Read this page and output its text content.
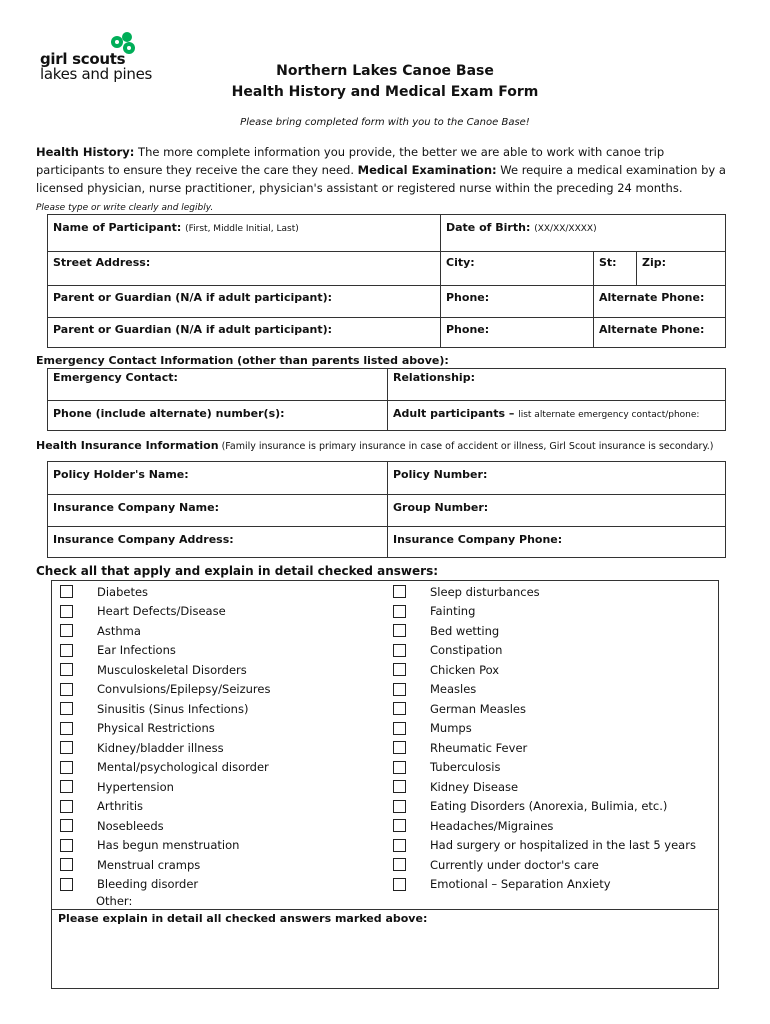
girl scouts
lakes and pines	Northern Lakes Canoe Base
Health History and Medical Exam Form
Please bring completed form with you to the Canoe Base!
Health History: The more complete information you provide, the better we are able to work with canoe trip participants to ensure they receive the care they need. Medical Examination: We require a medical examination by a licensed physician, nurse practitioner, physician's assistant or registered nurse within the preceding 24 months.
Please type or write clearly and legibly.
Name of Participant: (First, Middle Initial, Last)	Date of Birth: (XX/XX/XXXX)
Street Address:	City:	St:	Zip:
Parent or Guardian (N/A if adult participant):	Phone:	Alternate Phone:
Parent or Guardian (N/A if adult participant):	Phone:	Alternate Phone:
Emergency Contact Information (other than parents listed above):
Emergency Contact:	Relationship:
Phone (include alternate) number(s):	Adult participants – list alternate emergency contact/phone:
Health Insurance Information (Family insurance is primary insurance in case of accident or illness, Girl Scout insurance is secondary.)
Policy Holder's Name:	Policy Number:
Insurance Company Name:	Group Number:
Insurance Company Address:	Insurance Company Phone:
Check all that apply and explain in detail checked answers:
Diabetes
Heart Defects/Disease
Asthma
Ear Infections
Musculoskeletal Disorders
Convulsions/Epilepsy/Seizures
Sinusitis (Sinus Infections)
Physical Restrictions
Kidney/bladder illness
Mental/psychological disorder
Hypertension
Arthritis
Nosebleeds
Has begun menstruation
Menstrual cramps
Bleeding disorder
Sleep disturbances
Fainting
Bed wetting
Constipation
Chicken Pox
Measles
German Measles
Mumps
Rheumatic Fever
Tuberculosis
Kidney Disease
Eating Disorders (Anorexia, Bulimia, etc.)
Headaches/Migraines
Had surgery or hospitalized in the last 5 years
Currently under doctor's care
Emotional – Separation Anxiety
Other:
Please explain in detail all checked answers marked above:
